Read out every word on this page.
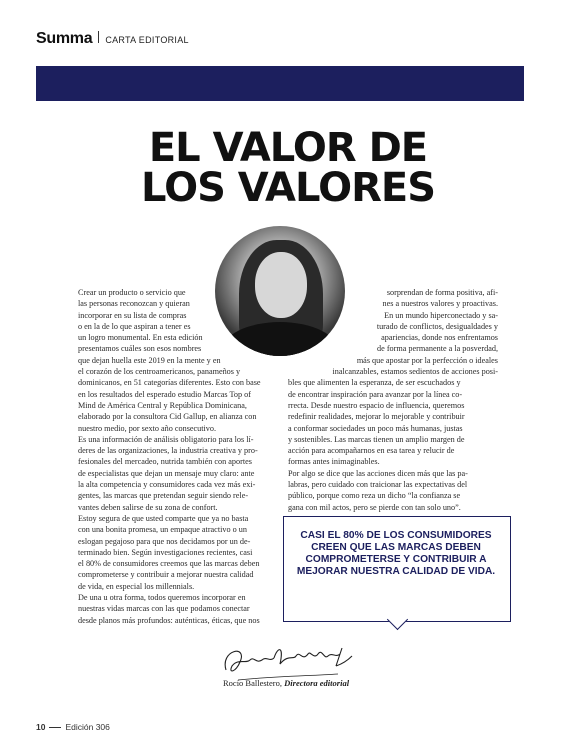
Summa CARTA EDITORIAL
EL VALOR DE
LOS VALORES
Crear un producto o servicio que
las personas reconozcan y quieran
incorporar en su lista de compras
o en la de lo que aspiran a tener es
un logro monumental. En esta edición
presentamos cuáles son esos nombres
que dejan huella este 2019 en la mente y en
el corazón de los centroamericanos, panameños y
dominicanos, en 51 categorías diferentes. Esto con base
en los resultados del esperado estudio Marcas Top of
Mind de América Central y República Dominicana,
elaborado por la consultora Cid Gallup, en alianza con
nuestro medio, por sexto año consecutivo.
Es una información de análisis obligatorio para los lí-
deres de las organizaciones, la industria creativa y pro-
fesionales del mercadeo, nutrida también con aportes
de especialistas que dejan un mensaje muy claro: ante
la alta competencia y consumidores cada vez más exi-
gentes, las marcas que pretendan seguir siendo rele-
vantes deben salirse de su zona de confort.
Estoy segura de que usted comparte que ya no basta
con una bonita promesa, un empaque atractivo o un
eslogan pegajoso para que nos decidamos por un de-
terminado bien. Según investigaciones recientes, casi
el 80% de consumidores creemos que las marcas deben
comprometerse y contribuir a mejorar nuestra calidad
de vida, en especial los millennials.
De una u otra forma, todos queremos incorporar en
nuestras vidas marcas con las que podamos conectar
desde planos más profundos: auténticas, éticas, que nos
sorprendan de forma positiva, afi-
nes a nuestros valores y proactivas.
En un mundo hiperconectado y sa-
turado de conflictos, desigualdades y
apariencias, donde nos enfrentamos
de forma permanente a la posverdad,
más que apostar por la perfección o ideales
inalcanzables, estamos sedientos de acciones posi-
bles que alimenten la esperanza, de ser escuchados y
de encontrar inspiración para avanzar por la línea co-
rrecta. Desde nuestro espacio de influencia, queremos
redefinir realidades, mejorar lo mejorable y contribuir
a conformar sociedades un poco más humanas, justas
y sostenibles. Las marcas tienen un amplio margen de
acción para acompañarnos en esa tarea y relucir de
formas antes inimaginables.
Por algo se dice que las acciones dicen más que las pa-
labras, pero cuidado con traicionar las expectativas del
público, porque como reza un dicho “la confianza se
gana con mil actos, pero se pierde con tan solo uno”.
CASI EL 80% DE LOS CONSUMIDORES CREEN QUE LAS MARCAS DEBEN COMPROMETERSE Y CONTRIBUIR A MEJORAR NUESTRA CALIDAD DE VIDA.
Rocío Ballestero, Directora editorial
10 Edición 306
